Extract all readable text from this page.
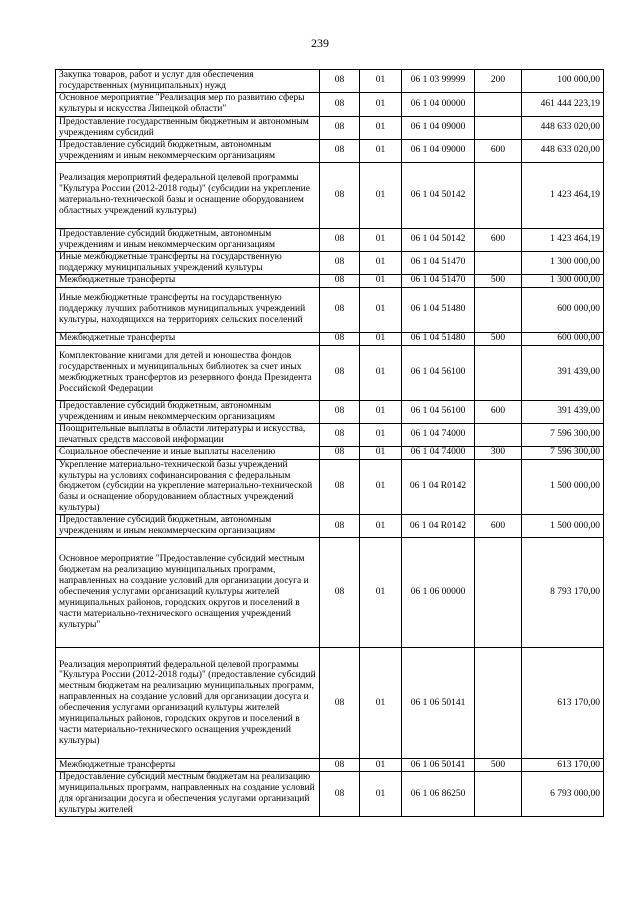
239
Закупка товаров, работ и услуг для обеспечения государственных (муниципальных) нужд	08	01	06 1 03 99999	200	100 000,00
Основное мероприятие "Реализация мер по развитию сферы культуры и искусства Липецкой области"	08	01	06 1 04 00000		461 444 223,19
Предоставление государственным бюджетным и автономным учреждениям субсидий	08	01	06 1 04 09000		448 633 020,00
Предоставление субсидий бюджетным, автономным учреждениям и иным некоммерческим организациям	08	01	06 1 04 09000	600	448 633 020,00
Реализация мероприятий федеральной целевой программы "Культура России (2012-2018 годы)" (субсидии на укрепление материально-технической базы и оснащение оборудованием областных учреждений культуры)	08	01	06 1 04 50142		1 423 464,19
Предоставление субсидий бюджетным, автономным учреждениям и иным некоммерческим организациям	08	01	06 1 04 50142	600	1 423 464,19
Иные межбюджетные трансферты на государственную поддержку муниципальных учреждений культуры	08	01	06 1 04 51470		1 300 000,00
Межбюджетные трансферты	08	01	06 1 04 51470	500	1 300 000,00
Иные межбюджетные трансферты на государственную поддержку лучших работников муниципальных учреждений культуры, находящихся на территориях сельских поселений	08	01	06 1 04 51480		600 000,00
Межбюджетные трансферты	08	01	06 1 04 51480	500	600 000,00
Комплектование книгами для детей и юношества фондов государственных и муниципальных библиотек за счет иных межбюджетных трансфертов из резервного фонда Президента Российской Федерации	08	01	06 1 04 56100		391 439,00
Предоставление субсидий бюджетным, автономным учреждениям и иным некоммерческим организациям	08	01	06 1 04 56100	600	391 439,00
Поощрительные выплаты в области литературы и искусства, печатных средств массовой информации	08	01	06 1 04 74000		7 596 300,00
Социальное обеспечение и иные выплаты населению	08	01	06 1 04 74000	300	7 596 300,00
Укрепление материально-технической базы учреждений культуры на условиях софинансирования с федеральным бюджетом (субсидии на укрепление материально-технической базы и оснащение оборудованием областных учреждений культуры)	08	01	06 1 04 R0142		1 500 000,00
Предоставление субсидий бюджетным, автономным учреждениям и иным некоммерческим организациям	08	01	06 1 04 R0142	600	1 500 000,00
Основное мероприятие "Предоставление субсидий местным бюджетам на реализацию муниципальных программ, направленных на создание условий для организации досуга и обеспечения услугами организаций культуры жителей муниципальных районов, городских округов и поселений в части материально-технического оснащения учреждений культуры"	08	01	06 1 06 00000		8 793 170,00
Реализация мероприятий федеральной целевой программы "Культура России (2012-2018 годы)" (предоставление субсидий местным бюджетам на реализацию муниципальных программ, направленных на создание условий для организации досуга и обеспечения услугами организаций культуры жителей муниципальных районов, городских округов и поселений в части материально-технического оснащения учреждений культуры)	08	01	06 1 06 50141		613 170,00
Межбюджетные трансферты	08	01	06 1 06 50141	500	613 170,00
Предоставление субсидий местным бюджетам на реализацию муниципальных программ, направленных на создание условий для организации досуга и обеспечения услугами организаций культуры жителей	08	01	06 1 06 86250		6 793 000,00
